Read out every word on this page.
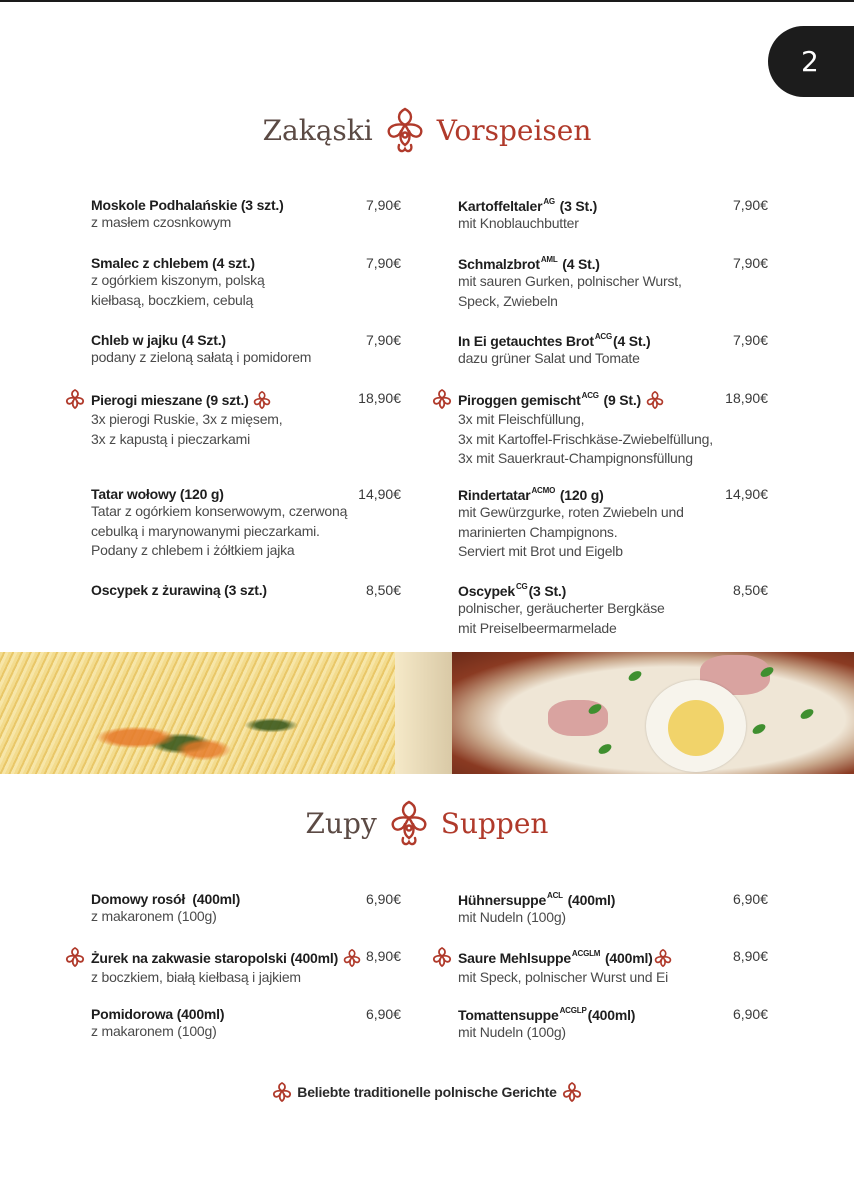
2
Zakąski Vorspeisen
Moskole Podhalańskie (3 szt.)	7,90€
z masłem czosnkowym
Smalec z chlebem (4 szt.)	7,90€
z ogórkiem kiszonym, polską
kiełbasą, boczkiem, cebulą
Chleb w jajku (4 Szt.)	7,90€
podany z zieloną sałatą i pomidorem
Pierogi mieszane (9 szt.)	18,90€
3x pierogi Ruskie, 3x z mięsem,
3x z kapustą i pieczarkami
Tatar wołowy (120 g)	14,90€
Tatar z ogórkiem konserwowym, czerwoną
cebulką i marynowanymi pieczarkami.
Podany z chlebem i żółtkiem jajka
Oscypek z żurawiną (3 szt.)	8,50€
Kartoffeltaler$^{AG}$ (3 St.)	7,90€
mit Knoblauchbutter
Schmalzbrot$^{AML}$ (4 St.)	7,90€
mit sauren Gurken, polnischer Wurst,
Speck, Zwiebeln
In Ei getauchtes Brot$^{ACG}$(4 St.)	7,90€
dazu grüner Salat und Tomate
Piroggen gemischt$^{ACG}$ (9 St.)	18,90€
3x mit Fleischfüllung,
3x mit Kartoffel-Frischkäse-Zwiebelfüllung,
3x mit Sauerkraut-Champignonsfüllung
Rindertatar$^{ACMO}$ (120 g)	14,90€
mit Gewürzgurke, roten Zwiebeln und
marinierten Champignons.
Serviert mit Brot und Eigelb
Oscypek$^{CG}$(3 St.)	8,50€
polnischer, geräucherter Bergkäse
mit Preiselbeermarmelade
Zupy Suppen
Domowy rosół  (400ml)	6,90€
z makaronem (100g)
Żurek na zakwasie staropolski (400ml)	8,90€
z boczkiem, białą kiełbasą i jajkiem
Pomidorowa (400ml)	6,90€
z makaronem (100g)
Hühnersuppe$^{ACL}$ (400ml)	6,90€
mit Nudeln (100g)
Saure Mehlsuppe$^{ACGLM}$ (400ml)	8,90€
mit Speck, polnischer Wurst und Ei
Tomattensuppe$^{ACGLP}$(400ml)	6,90€
mit Nudeln (100g)
Beliebte traditionelle polnische Gerichte
